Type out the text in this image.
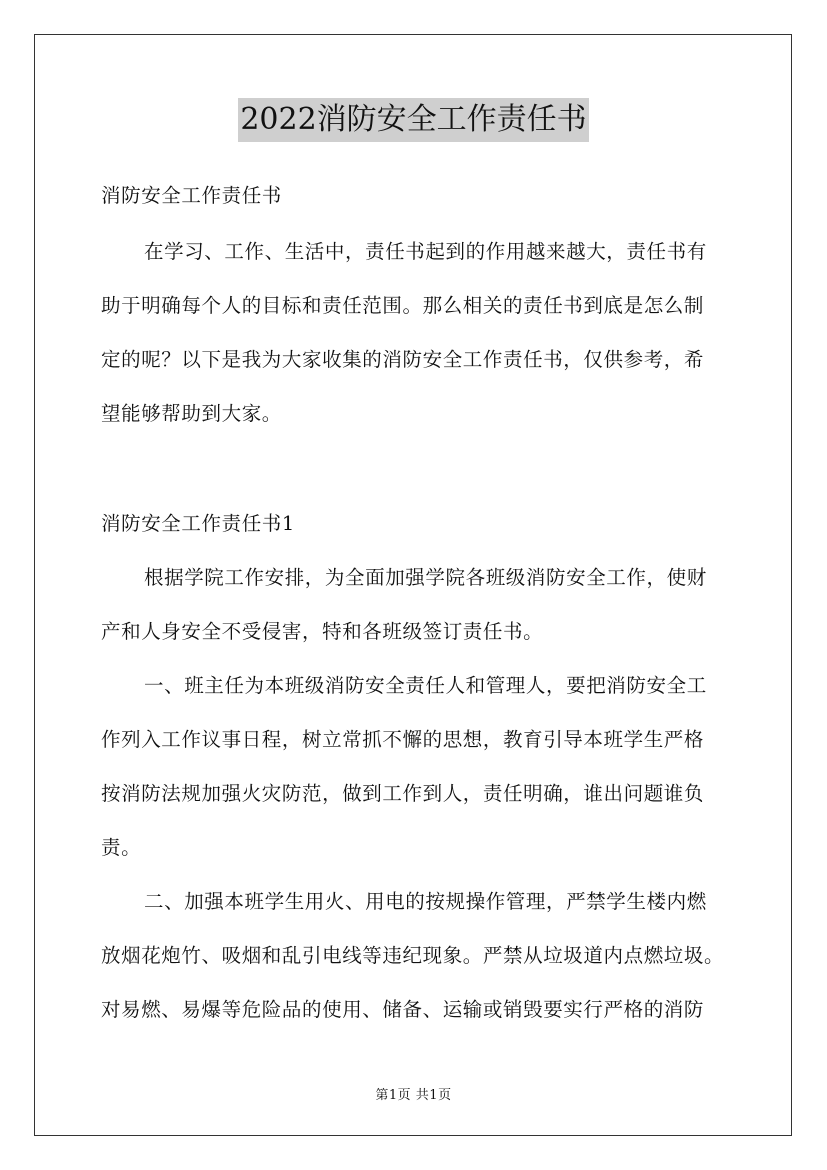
2022消防安全工作责任书
消防安全工作责任书
在学习、工作、生活中，责任书起到的作用越来越大，责任书有
助于明确每个人的目标和责任范围。那么相关的责任书到底是怎么制
定的呢？以下是我为大家收集的消防安全工作责任书，仅供参考，希
望能够帮助到大家。
消防安全工作责任书1
根据学院工作安排，为全面加强学院各班级消防安全工作，使财
产和人身安全不受侵害，特和各班级签订责任书。
一、班主任为本班级消防安全责任人和管理人，要把消防安全工
作列入工作议事日程，树立常抓不懈的思想，教育引导本班学生严格
按消防法规加强火灾防范，做到工作到人，责任明确，谁出问题谁负
责。
二、加强本班学生用火、用电的按规操作管理，严禁学生楼内燃
放烟花炮竹、吸烟和乱引电线等违纪现象。严禁从垃圾道内点燃垃圾。
对易燃、易爆等危险品的使用、储备、运输或销毁要实行严格的消防
第1页 共1页
